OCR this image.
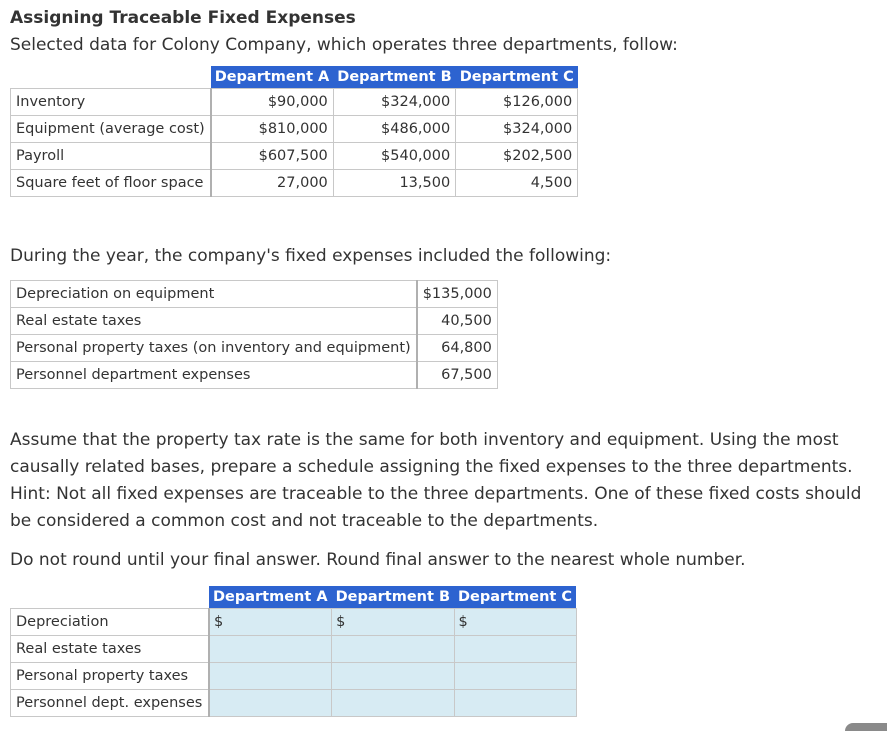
Assigning Traceable Fixed Expenses

Selected data for Colony Company, which operates three departments, follow:

	Department A	Department B	Department C
Inventory	$90,000	$324,000	$126,000
Equipment (average cost)	$810,000	$486,000	$324,000
Payroll	$607,500	$540,000	$202,500
Square feet of floor space	27,000	13,500	4,500

During the year, the company's fixed expenses included the following:

Depreciation on equipment	$135,000
Real estate taxes	40,500
Personal property taxes (on inventory and equipment)	64,800
Personnel department expenses	67,500

Assume that the property tax rate is the same for both inventory and equipment. Using the most causally related bases, prepare a schedule assigning the fixed expenses to the three departments. Hint: Not all fixed expenses are traceable to the three departments. One of these fixed costs should be considered a common cost and not traceable to the departments.

Do not round until your final answer. Round final answer to the nearest whole number.

	Department A	Department B	Department C
Depreciation	$	$	$
Real estate taxes			
Personal property taxes			
Personnel dept. expenses			
